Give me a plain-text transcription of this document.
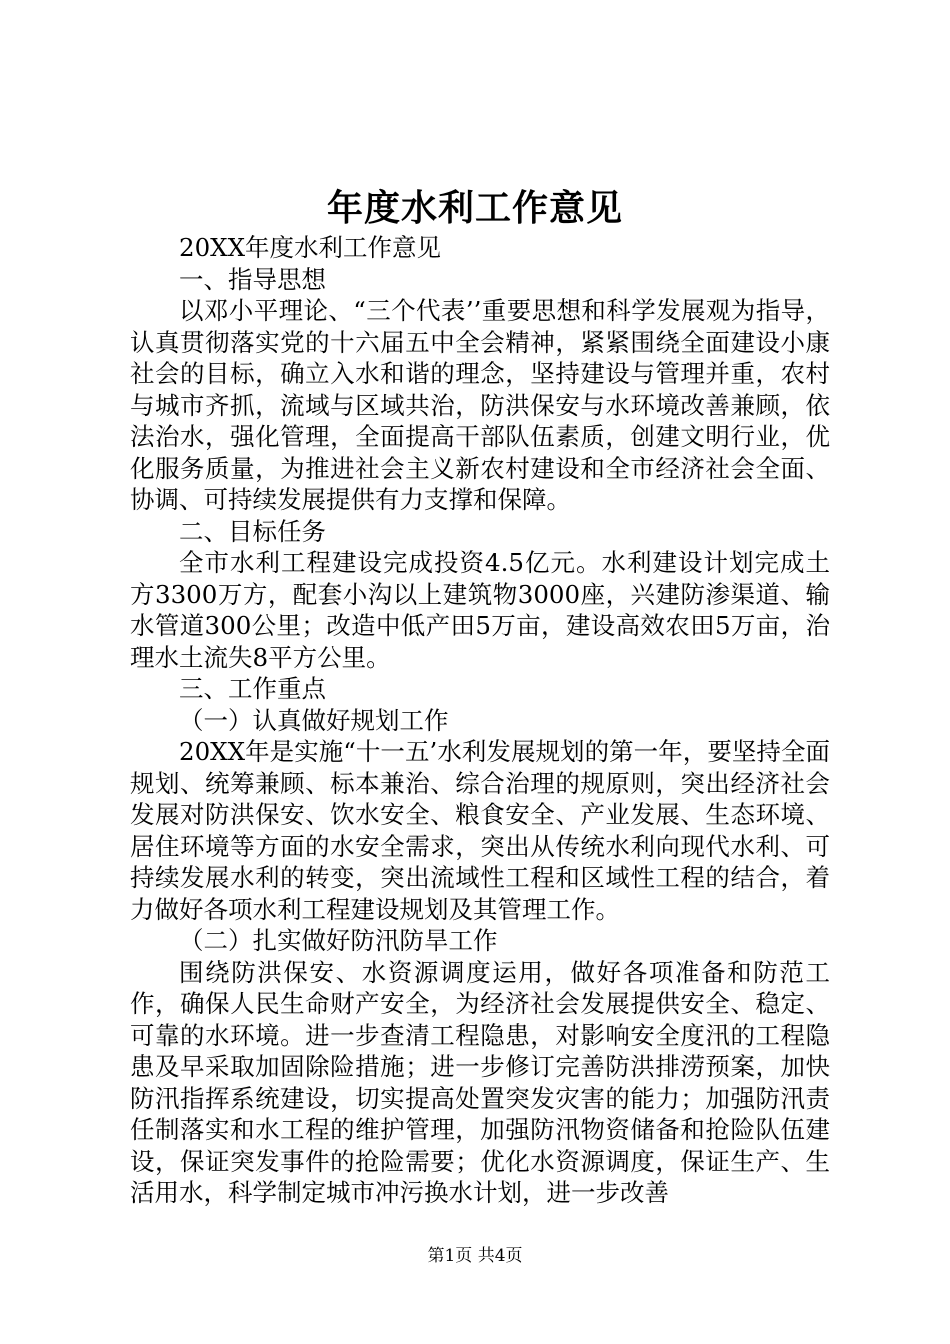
年度水利工作意见

20XX年度水利工作意见

一、指导思想

以邓小平理论、“三个代表’’重要思想和科学发展观为指导，认真贯彻落实党的十六届五中全会精神，紧紧围绕全面建设小康社会的目标，确立入水和谐的理念，坚持建设与管理并重，农村与城市齐抓，流域与区域共治，防洪保安与水环境改善兼顾，依法治水，强化管理，全面提高干部队伍素质，创建文明行业，优化服务质量，为推进社会主义新农村建设和全市经济社会全面、协调、可持续发展提供有力支撑和保障。

二、目标任务

全市水利工程建设完成投资4.5亿元。水利建设计划完成土方3300万方，配套小沟以上建筑物3000座，兴建防渗渠道、输水管道300公里；改造中低产田5万亩，建设高效农田5万亩，治理水土流失8平方公里。

三、工作重点

（一）认真做好规划工作

20XX年是实施“十一五’水利发展规划的第一年，要坚持全面规划、统筹兼顾、标本兼治、综合治理的规原则，突出经济社会发展对防洪保安、饮水安全、粮食安全、产业发展、生态环境、居住环境等方面的水安全需求，突出从传统水利向现代水利、可持续发展水利的转变，突出流域性工程和区域性工程的结合，着力做好各项水利工程建设规划及其管理工作。

（二）扎实做好防汛防旱工作

围绕防洪保安、水资源调度运用，做好各项准备和防范工作，确保人民生命财产安全，为经济社会发展提供安全、稳定、可靠的水环境。进一步查清工程隐患，对影响安全度汛的工程隐患及早采取加固除险措施；进一步修订完善防洪排涝预案，加快防汛指挥系统建设，切实提高处置突发灾害的能力；加强防汛责任制落实和水工程的维护管理，加强防汛物资储备和抢险队伍建设，保证突发事件的抢险需要；优化水资源调度，保证生产、生活用水，科学制定城市冲污换水计划，进一步改善

第1页 共4页
